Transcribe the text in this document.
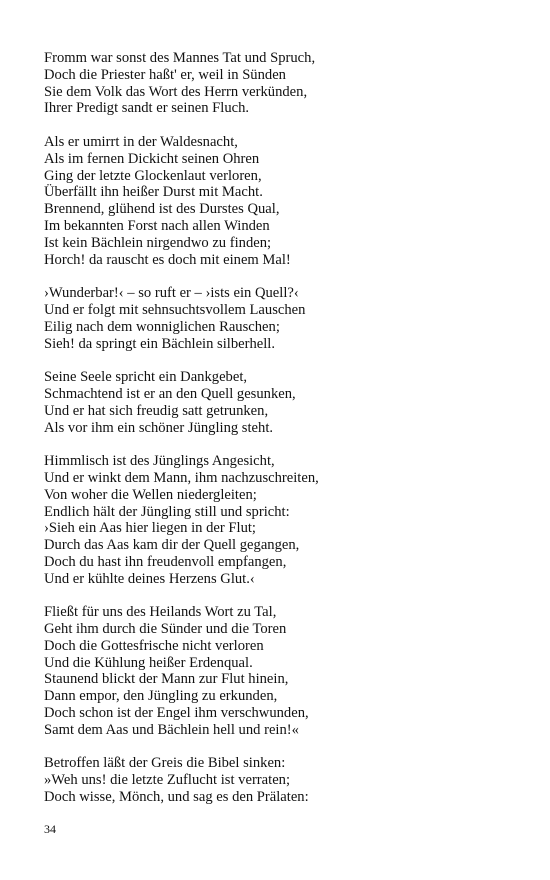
Fromm war sonst des Mannes Tat und Spruch,
Doch die Priester haßt' er, weil in Sünden
Sie dem Volk das Wort des Herrn verkünden,
Ihrer Predigt sandt er seinen Fluch.
Als er umirrt in der Waldesnacht,
Als im fernen Dickicht seinen Ohren
Ging der letzte Glockenlaut verloren,
Überfällt ihn heißer Durst mit Macht.
Brennend, glühend ist des Durstes Qual,
Im bekannten Forst nach allen Winden
Ist kein Bächlein nirgendwo zu finden;
Horch! da rauscht es doch mit einem Mal!
›Wunderbar!‹ – so ruft er – ›ists ein Quell?‹
Und er folgt mit sehnsuchtsvollem Lauschen
Eilig nach dem wonniglichen Rauschen;
Sieh! da springt ein Bächlein silberhell.
Seine Seele spricht ein Dankgebet,
Schmachtend ist er an den Quell gesunken,
Und er hat sich freudig satt getrunken,
Als vor ihm ein schöner Jüngling steht.
Himmlisch ist des Jünglings Angesicht,
Und er winkt dem Mann, ihm nachzuschreiten,
Von woher die Wellen niedergleiten;
Endlich hält der Jüngling still und spricht:
›Sieh ein Aas hier liegen in der Flut;
Durch das Aas kam dir der Quell gegangen,
Doch du hast ihn freudenvoll empfangen,
Und er kühlte deines Herzens Glut.‹
Fließt für uns des Heilands Wort zu Tal,
Geht ihm durch die Sünder und die Toren
Doch die Gottesfrische nicht verloren
Und die Kühlung heißer Erdenqual.
Staunend blickt der Mann zur Flut hinein,
Dann empor, den Jüngling zu erkunden,
Doch schon ist der Engel ihm verschwunden,
Samt dem Aas und Bächlein hell und rein!«
Betroffen läßt der Greis die Bibel sinken:
»Weh uns! die letzte Zuflucht ist verraten;
Doch wisse, Mönch, und sag es den Prälaten:
34
